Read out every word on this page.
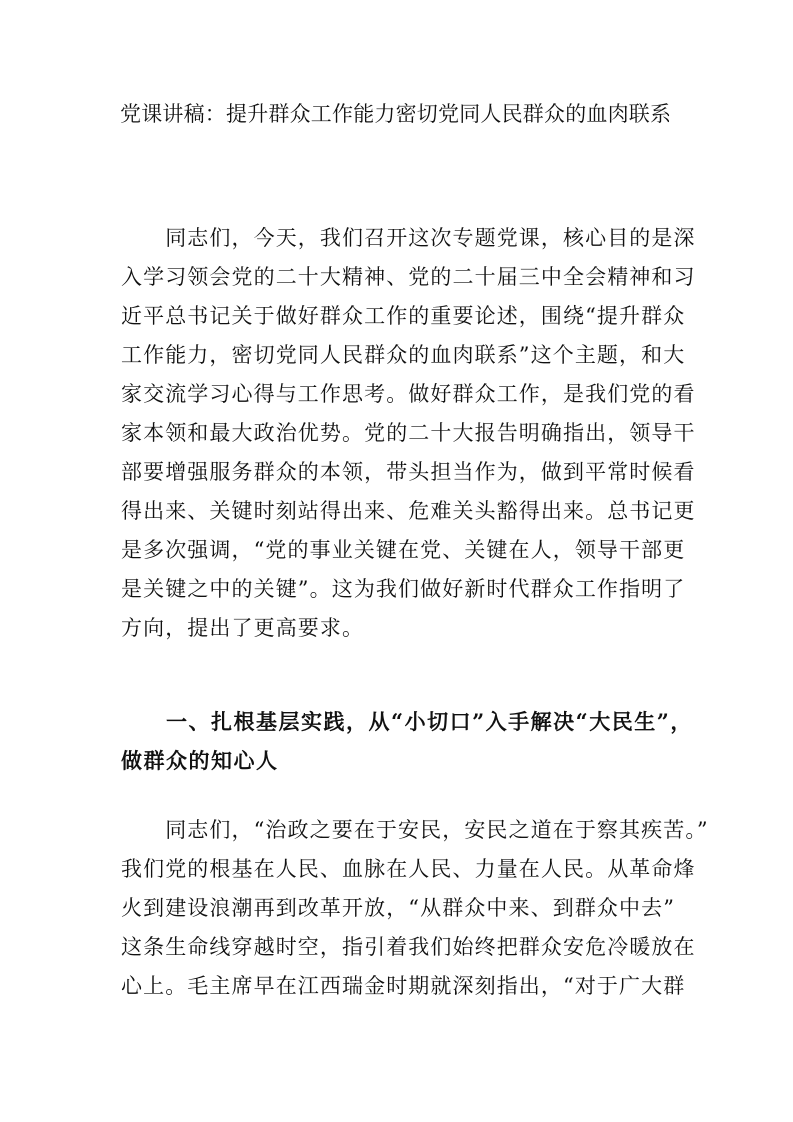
党课讲稿：提升群众工作能力密切党同人民群众的血肉联系
　　同志们，今天，我们召开这次专题党课，核心目的是深
入学习领会党的二十大精神、党的二十届三中全会精神和习
近平总书记关于做好群众工作的重要论述，围绕“提升群众
工作能力，密切党同人民群众的血肉联系”这个主题，和大
家交流学习心得与工作思考。做好群众工作，是我们党的看
家本领和最大政治优势。党的二十大报告明确指出，领导干
部要增强服务群众的本领，带头担当作为，做到平常时候看
得出来、关键时刻站得出来、危难关头豁得出来。总书记更
是多次强调，“党的事业关键在党、关键在人，领导干部更
是关键之中的关键”。这为我们做好新时代群众工作指明了
方向，提出了更高要求。
　　一、扎根基层实践，从“小切口”入手解决“大民生”，
做群众的知心人
　　同志们，“治政之要在于安民，安民之道在于察其疾苦。”
我们党的根基在人民、血脉在人民、力量在人民。从革命烽
火到建设浪潮再到改革开放，“从群众中来、到群众中去”
这条生命线穿越时空，指引着我们始终把群众安危冷暖放在
心上。毛主席早在江西瑞金时期就深刻指出，“对于广大群
